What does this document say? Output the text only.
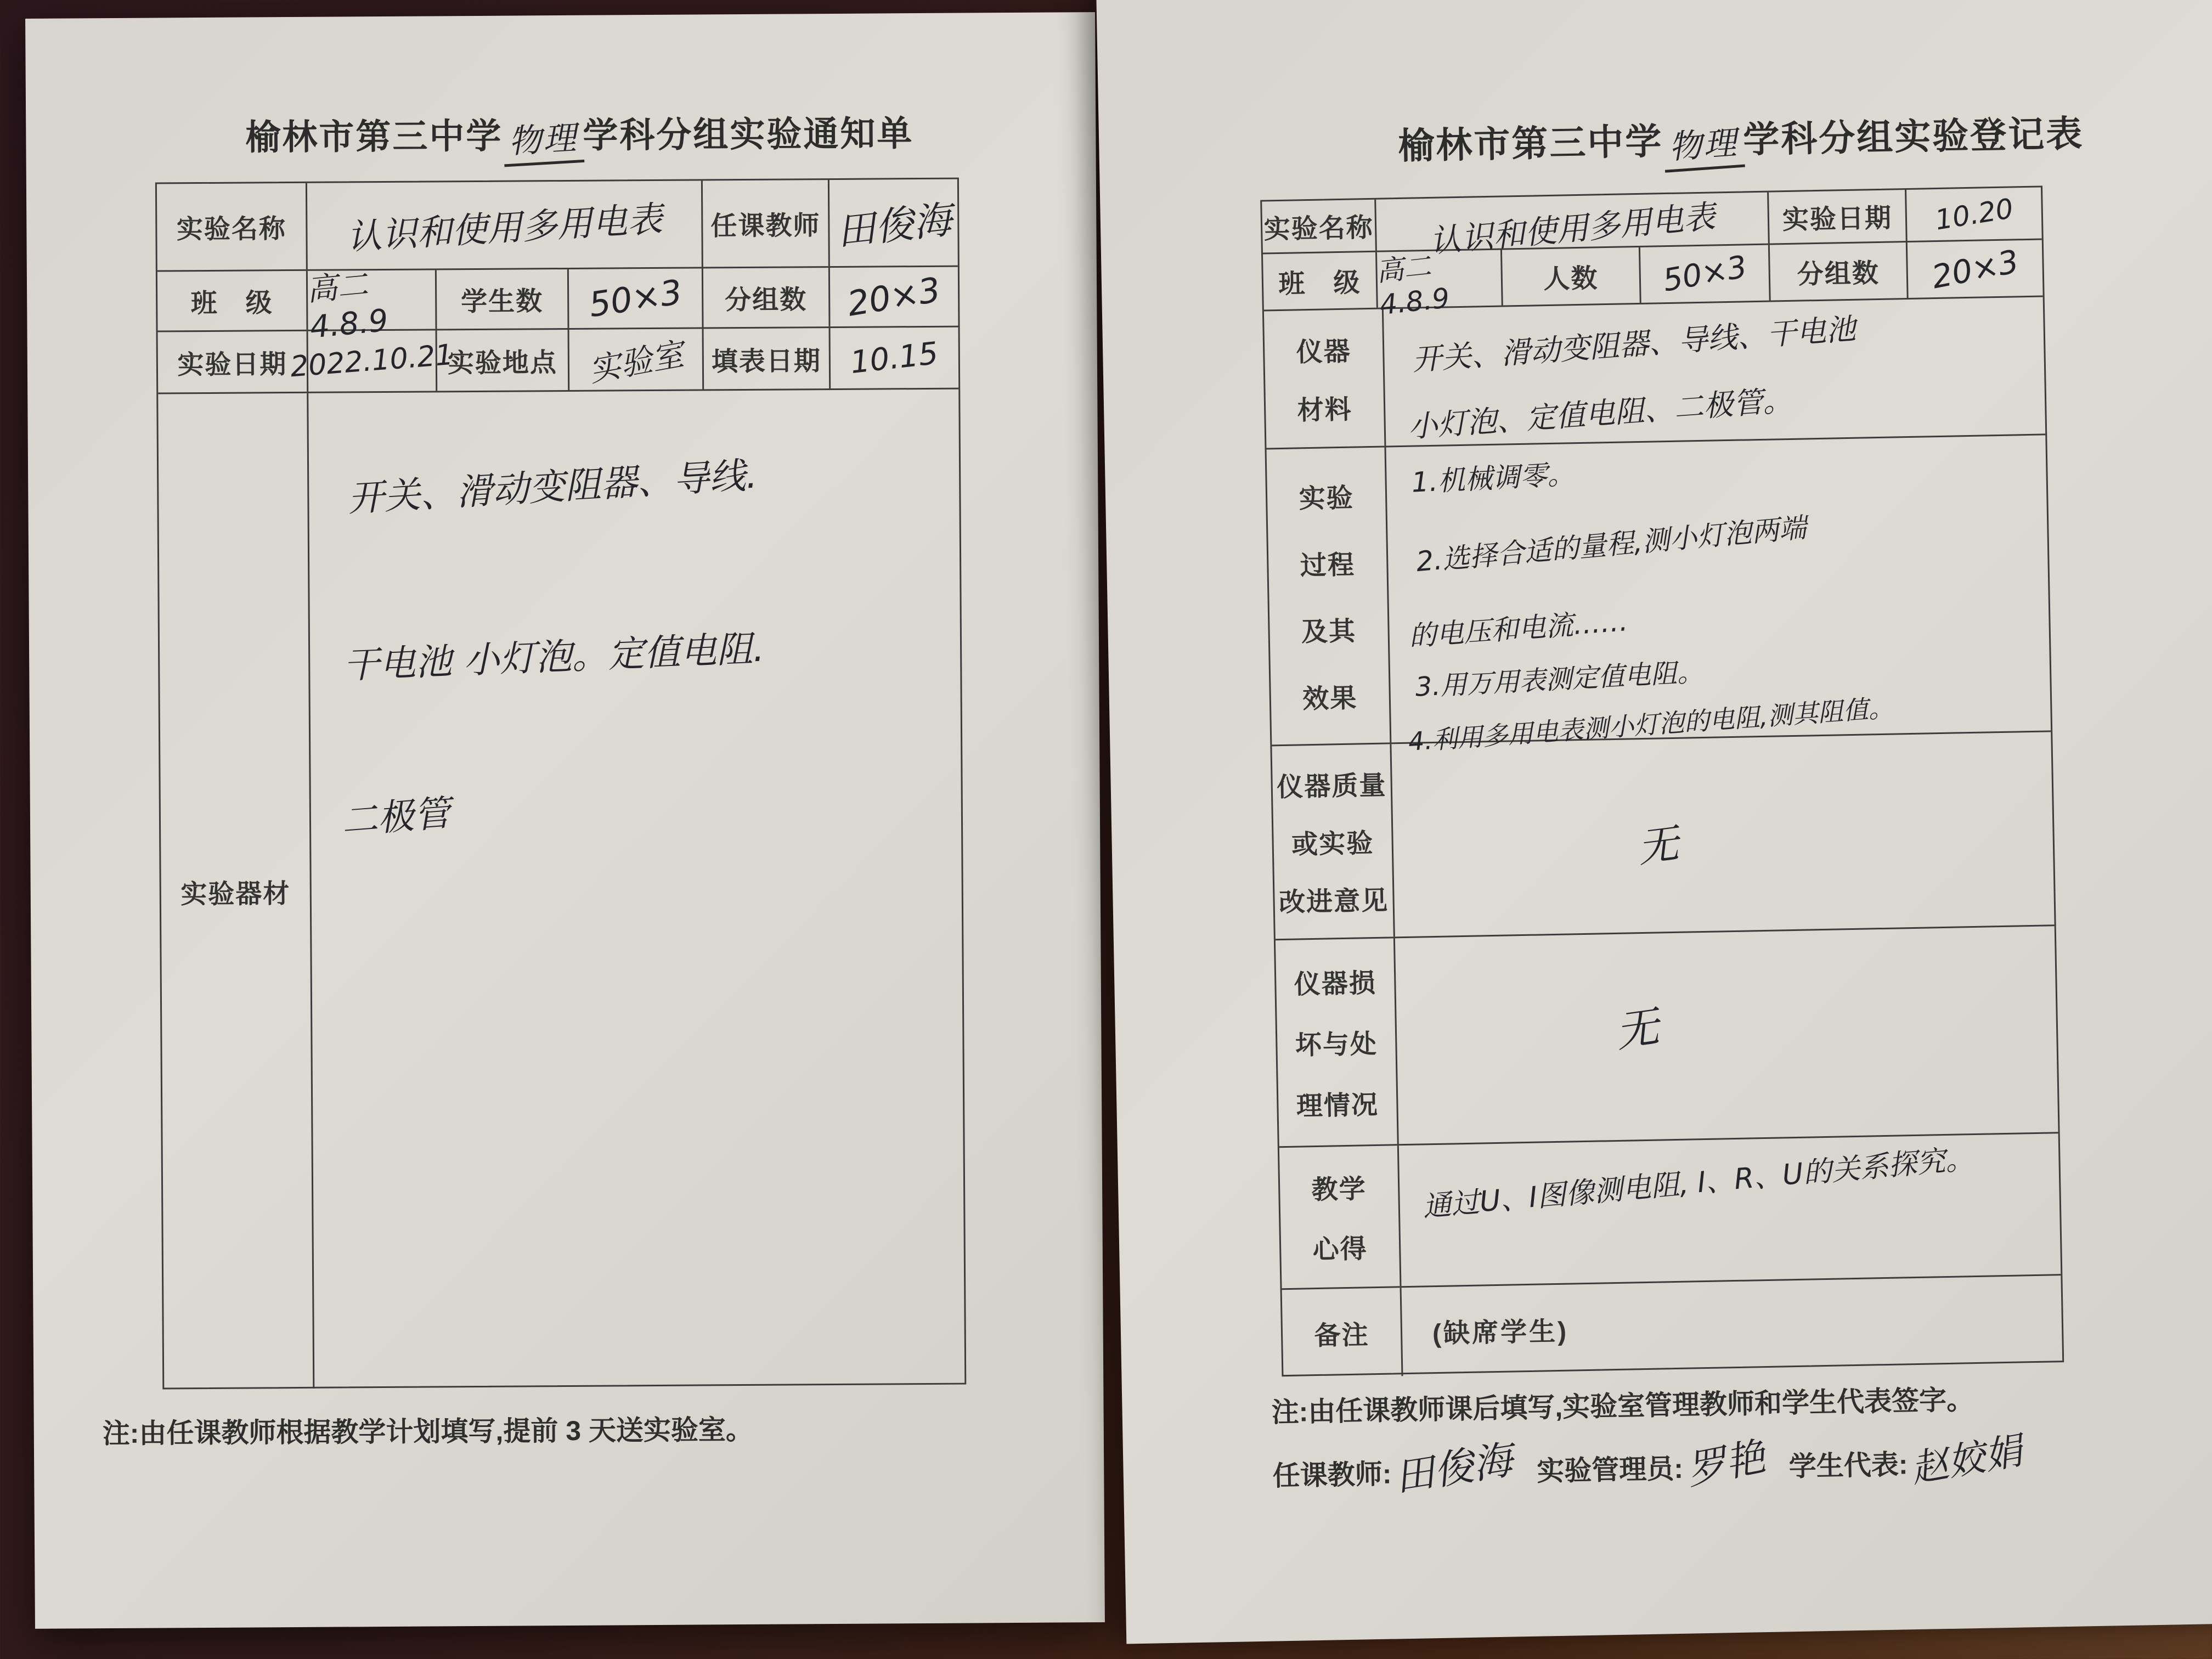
榆林市第三中学 物理 学科分组实验通知单
实验名称 认识和使用多用电表 任课教师 田俊海
班　级 高二4.8.9
学生数 50×3 分组数 20×3
实验日期 2022.10.21
实验地点 实验室 填表日期 10.15
实验器材
开关、滑动变阻器、导线.
干电池 小灯泡。定值电阻.
二极管
注:由任课教师根据教学计划填写,提前 3 天送实验室。
榆林市第三中学 物理学科分组实验登记表
实验名称 认识和使用多用电表 实验日期 10.20
班　级 高二4.8.9
人数 50×3 分组数 20×3
仪器
材料
开关、滑动变阻器、导线、干电池
小灯泡、定值电阻、二极管。
实验
过程
及其
效果
1.机械调零。
2.选择合适的量程,测小灯泡两端
的电压和电流……
3.用万用表测定值电阻。
4.利用多用电表测小灯泡的电阻,测其阻值。
仪器质量
或实验
改进意见
无
仪器损
坏与处
理情况
无
教学
心得
通过U、I图像测电阻, I、R、U的关系探究。
备注 (缺席学生)
注:由任课教师课后填写,实验室管理教师和学生代表签字。
任课教师: 田俊海 实验管理员: 罗艳 学生代表: 赵姣娟
